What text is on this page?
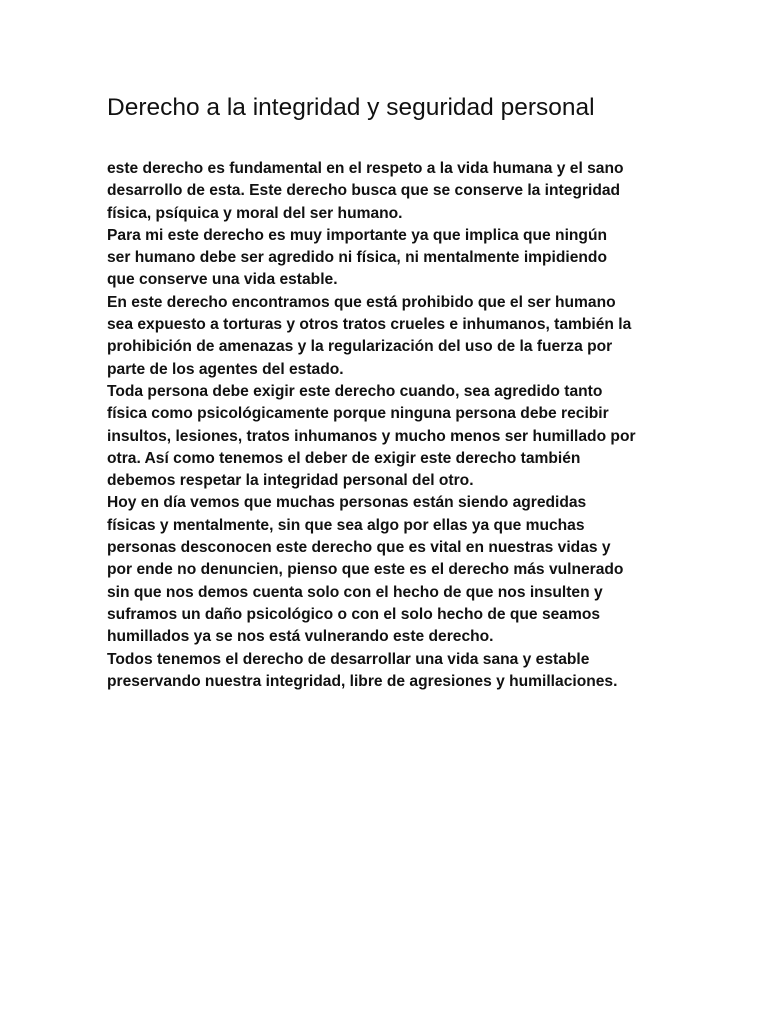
Derecho a la integridad y seguridad personal
este derecho es fundamental en el respeto a la vida humana y el sano
desarrollo de esta. Este derecho busca que se conserve la integridad
física, psíquica y moral del ser humano.
Para mi este derecho es muy importante ya que implica que ningún
ser humano debe ser agredido ni física, ni mentalmente impidiendo
que conserve una vida estable.
En este derecho encontramos que está prohibido que el ser humano
sea expuesto a torturas y otros tratos crueles e inhumanos, también la
prohibición de amenazas y la regularización del uso de la fuerza por
parte de los agentes del estado.
Toda persona debe exigir este derecho cuando, sea agredido tanto
física como psicológicamente porque ninguna persona debe recibir
insultos, lesiones, tratos inhumanos y mucho menos ser humillado por
otra. Así como tenemos el deber de exigir este derecho también
debemos respetar la integridad personal del otro.
Hoy en día vemos que muchas personas están siendo agredidas
físicas y mentalmente, sin que sea algo por ellas ya que muchas
personas desconocen este derecho que es vital en nuestras vidas y
por ende no denuncien, pienso que este es el derecho más vulnerado
sin que nos demos cuenta solo con el hecho de que nos insulten y
suframos un daño psicológico o con el solo hecho de que seamos
humillados ya se nos está vulnerando este derecho.
Todos tenemos el derecho de desarrollar una vida sana y estable
preservando nuestra integridad, libre de agresiones y humillaciones.
